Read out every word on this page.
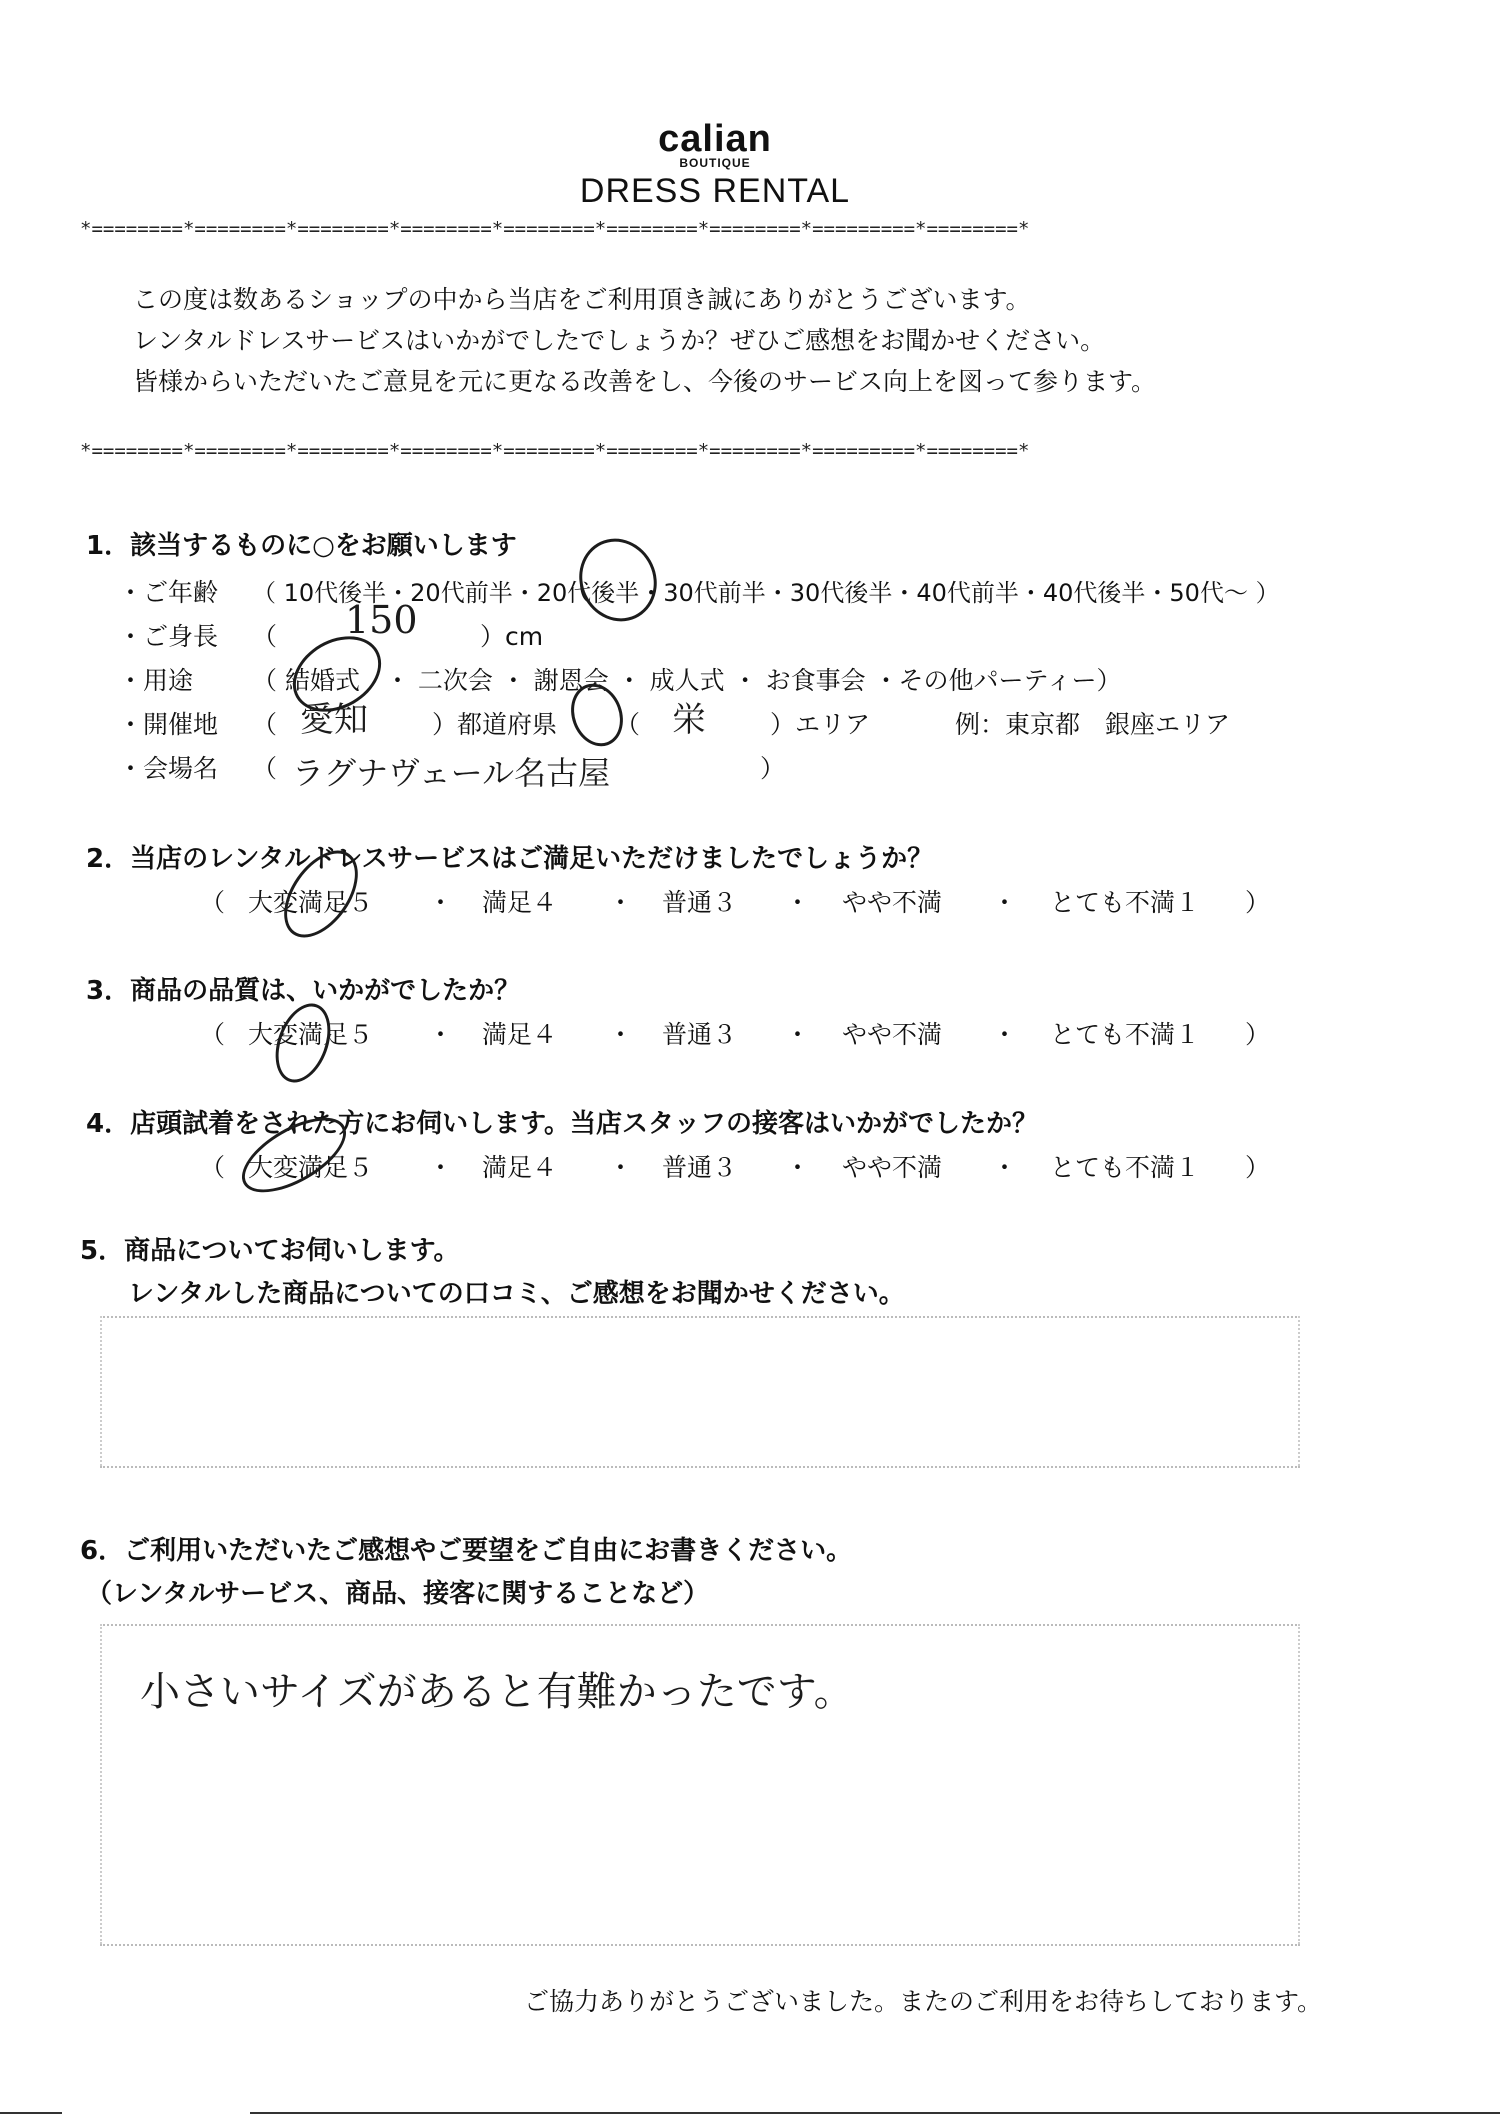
calian
BOUTIQUE
DRESS RENTAL
*========*========*========*========*========*========*========*=========*========*
この度は数あるショップの中から当店をご利用頂き誠にありがとうございます。
レンタルドレスサービスはいかがでしたでしょうか？ぜひご感想をお聞かせください。
皆様からいただいたご意見を元に更なる改善をし、今後のサービス向上を図って参ります。
*========*========*========*========*========*========*========*=========*========*
1．該当するものに○をお願いします
・ご年齢 （ 10代後半・20代前半・20代後半・30代前半・30代後半・40代前半・40代後半・50代～ ）
・ご身長 （ 150 ）cm
・用途 （ 結婚式　・ 二次会 ・ 謝恩会 ・ 成人式 ・ お食事会 ・その他パーティー）
・開催地 （ 愛知	）都道府県 （ 栄	）エリア	例：東京都　銀座エリア
・会場名 （ ラグナヴェール名古屋	）
2．当店のレンタルドレスサービスはご満足いただけましたでしょうか？
（ 大変満足５ ・ 満足４ ・ 普通３ ・ やや不満 ・ とても不満１ ）
3．商品の品質は、いかがでしたか？
（ 大変満足５ ・ 満足４ ・ 普通３ ・ やや不満 ・ とても不満１ ）
4．店頭試着をされた方にお伺いします。当店スタッフの接客はいかがでしたか？
（ 大変満足５ ・ 満足４ ・ 普通３ ・ やや不満 ・ とても不満１ ）
5．商品についてお伺いします。
レンタルした商品についての口コミ、ご感想をお聞かせください。
6．ご利用いただいたご感想やご要望をご自由にお書きください。
（レンタルサービス、商品、接客に関することなど）
小さいサイズがあると有難かったです。
ご協力ありがとうございました。またのご利用をお待ちしております。
